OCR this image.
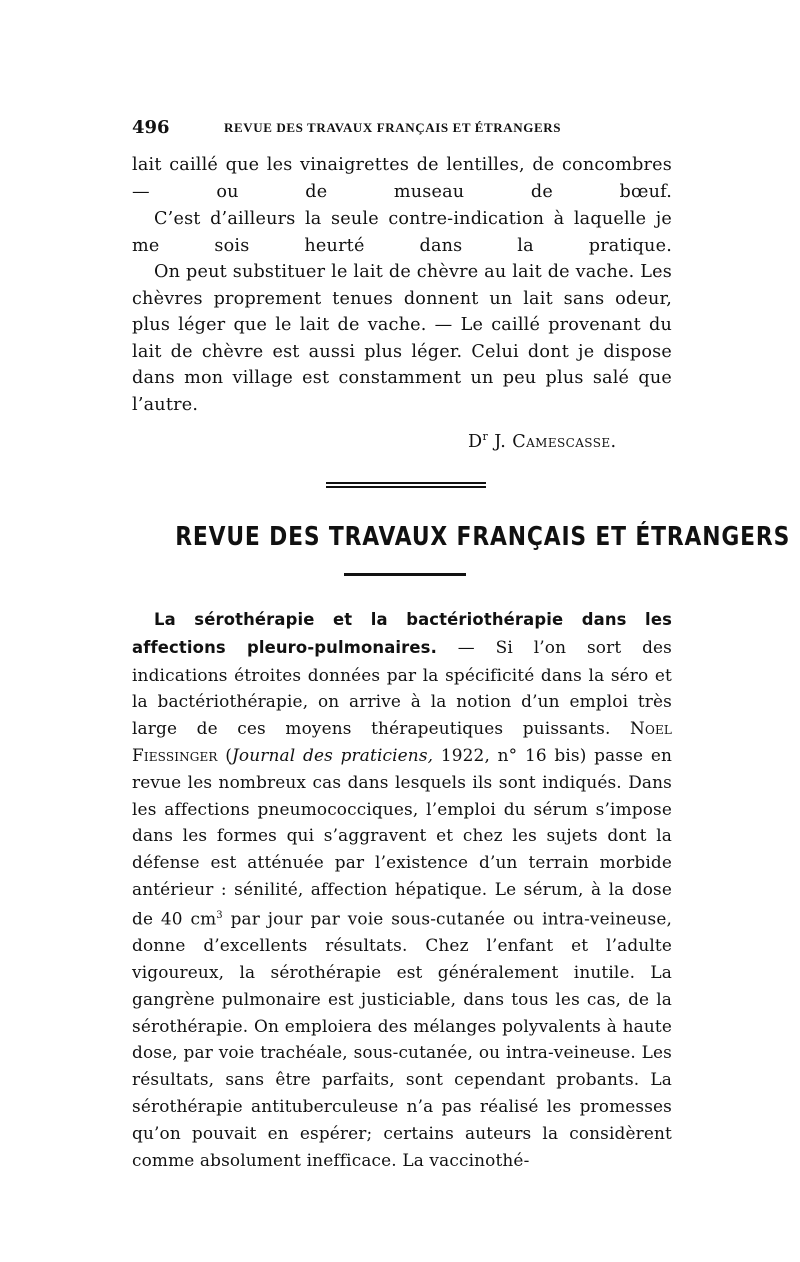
496	REVUE DES TRAVAUX FRANÇAIS ET ÉTRANGERS
lait caillé que les vinaigrettes de lentilles, de concombres — ou de museau de bœuf.
C’est d’ailleurs la seule contre-indication à laquelle je me sois heurté dans la pratique.
On peut substituer le lait de chèvre au lait de vache. Les chèvres proprement tenues donnent un lait sans odeur, plus léger que le lait de vache. — Le caillé provenant du lait de chèvre est aussi plus léger. Celui dont je dispose dans mon village est constamment un peu plus salé que l’autre.
$D^r$ J. Camescasse.
REVUE DES TRAVAUX FRANÇAIS ET ÉTRANGERS
La sérothérapie et la bactériothérapie dans les affections pleuro-pulmonaires. — Si l’on sort des indications étroites données par la spécificité dans la séro et la bactériothérapie, on arrive à la notion d’un emploi très large de ces moyens thérapeutiques puissants. Noel Fiessinger (Journal des praticiens, 1922, n° 16 bis) passe en revue les nombreux cas dans lesquels ils sont indiqués. Dans les affections pneumococciques, l’emploi du sérum s’impose dans les formes qui s’aggravent et chez les sujets dont la défense est atténuée par l’existence d’un terrain morbide antérieur : sénilité, affection hépatique. Le sérum, à la dose de 40 $cm^3$ par jour par voie sous-cutanée ou intra-veineuse, donne d’excellents résultats. Chez l’enfant et l’adulte vigoureux, la sérothérapie est généralement inutile. La gangrène pulmonaire est justiciable, dans tous les cas, de la sérothérapie. On emploiera des mélanges polyvalents à haute dose, par voie trachéale, sous-cutanée, ou intra-veineuse. Les résultats, sans être parfaits, sont cependant probants. La sérothérapie antituberculeuse n’a pas réalisé les promesses qu’on pouvait en espérer; certains auteurs la considèrent comme absolument inefficace. La vaccinothé-
